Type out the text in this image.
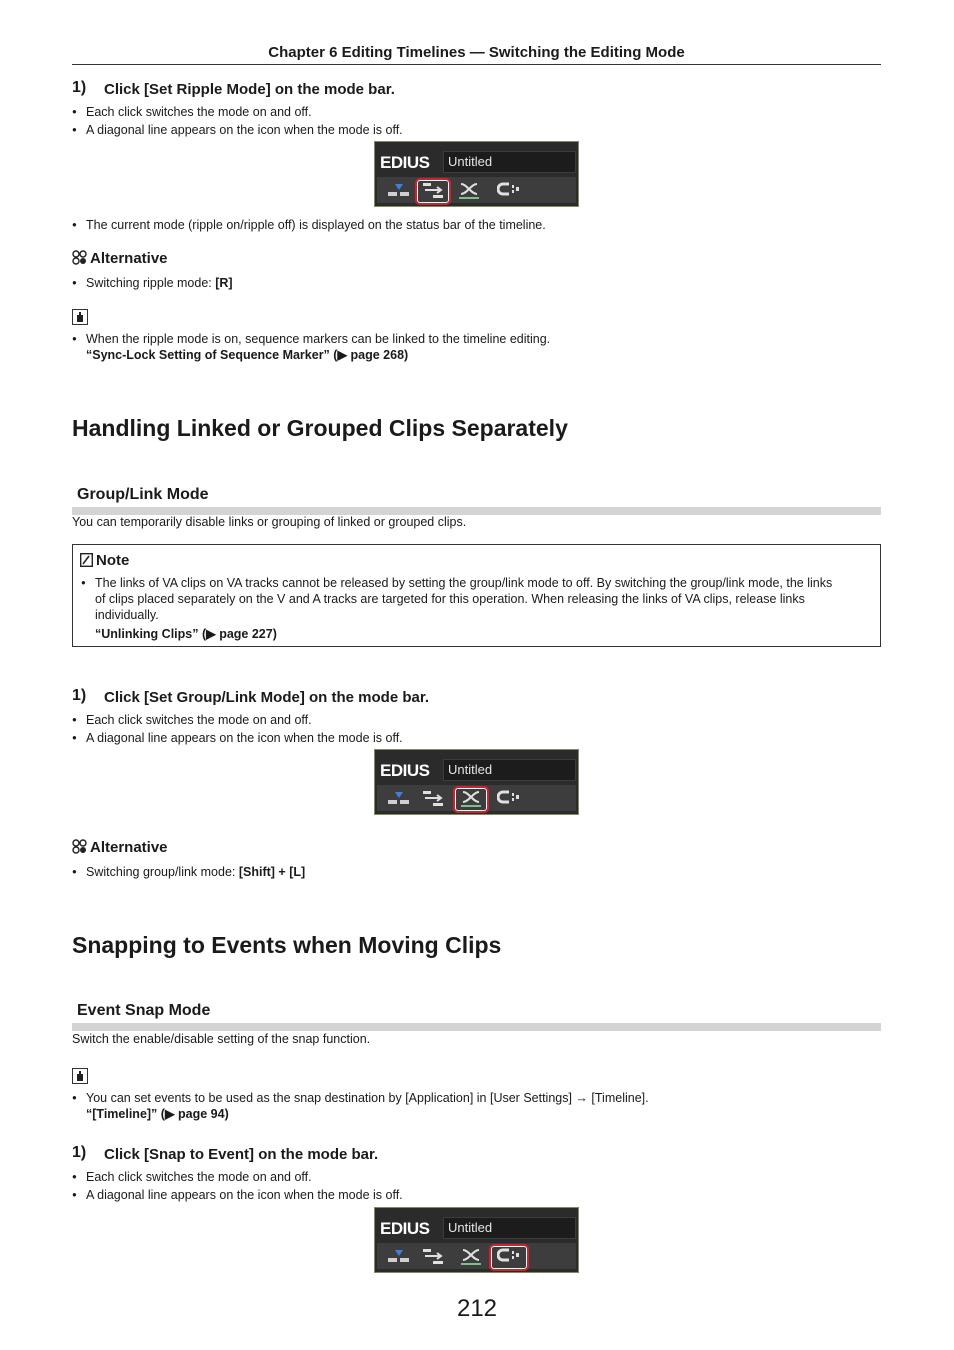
Chapter 6 Editing Timelines — Switching the Editing Mode
1) Click [Set Ripple Mode] on the mode bar.
● Each click switches the mode on and off.
● A diagonal line appears on the icon when the mode is off.
EDIUS	Untitled
● The current mode (ripple on/ripple off) is displayed on the status bar of the timeline.
Alternative
● Switching ripple mode: [R]
● When the ripple mode is on, sequence markers can be linked to the timeline editing.
“Sync-Lock Setting of Sequence Marker” (▶ page 268)
Handling Linked or Grouped Clips Separately
Group/Link Mode
You can temporarily disable links or grouping of linked or grouped clips.
Note
● The links of VA clips on VA tracks cannot be released by setting the group/link mode to off. By switching the group/link mode, the links
of clips placed separately on the V and A tracks are targeted for this operation. When releasing the links of VA clips, release links
individually.
“Unlinking Clips” (▶ page 227)
1) Click [Set Group/Link Mode] on the mode bar.
● Each click switches the mode on and off.
● A diagonal line appears on the icon when the mode is off.
EDIUS	Untitled
Alternative
● Switching group/link mode: [Shift] + [L]
Snapping to Events when Moving Clips
Event Snap Mode
Switch the enable/disable setting of the snap function.
● You can set events to be used as the snap destination by [Application] in [User Settings] → [Timeline].
“[Timeline]” (▶ page 94)
1) Click [Snap to Event] on the mode bar.
● Each click switches the mode on and off.
● A diagonal line appears on the icon when the mode is off.
EDIUS	Untitled
212
